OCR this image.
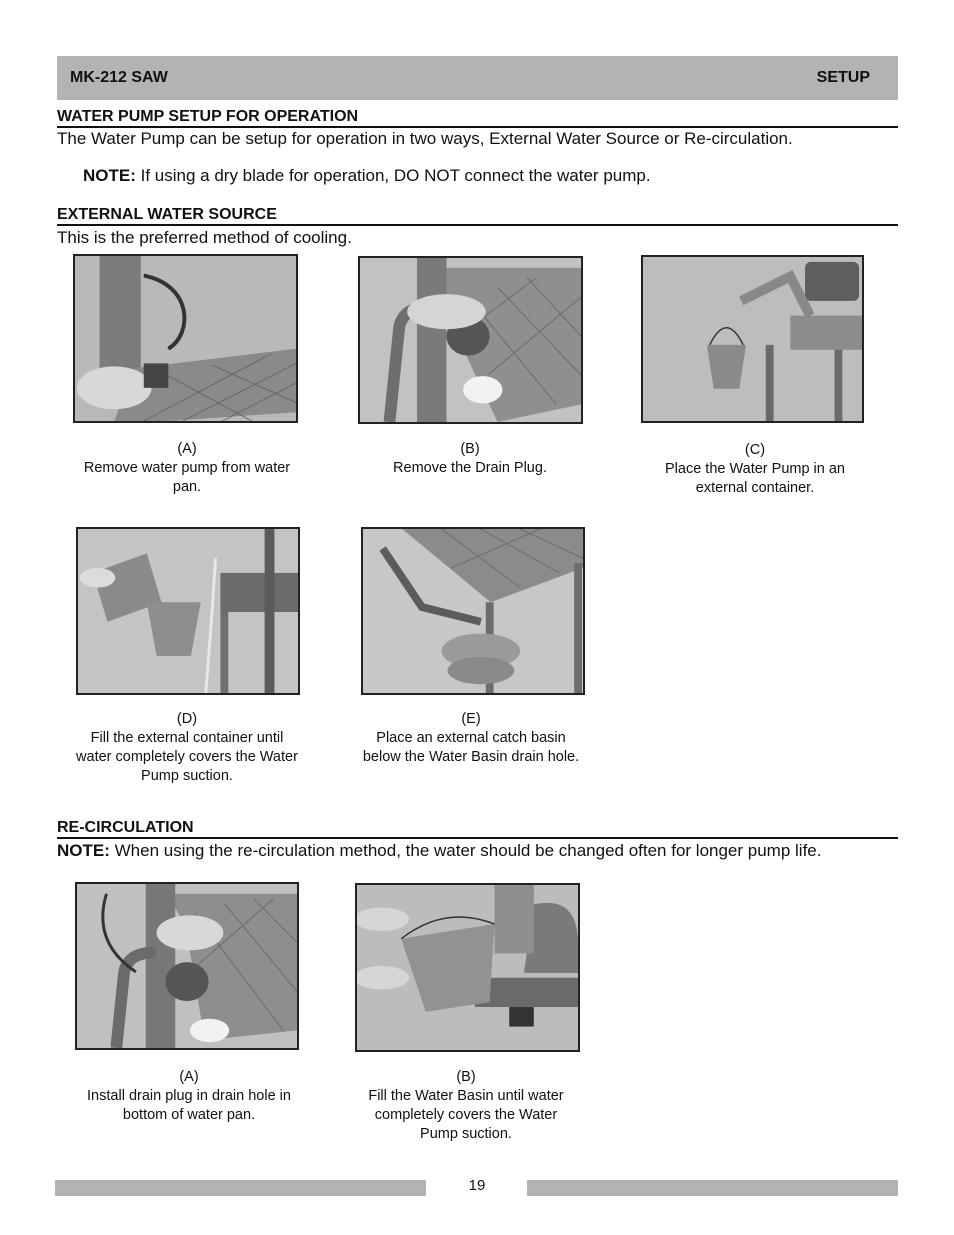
MK-212 SAW	SETUP
WATER PUMP SETUP FOR OPERATION
The Water Pump can be setup for operation in two ways, External Water Source or Re-circulation.
NOTE: If using a dry blade for operation, DO NOT connect the water pump.
EXTERNAL WATER SOURCE
This is the preferred method of cooling.
(A)
Remove water pump from water
pan.
(B)
Remove the Drain Plug.
(C)
Place the Water Pump in an
external container.
(D)
Fill the external container until
water completely covers the Water
Pump suction.
(E)
Place an external catch basin
below the Water Basin drain hole.
RE-CIRCULATION
NOTE: When using the re-circulation method, the water should be changed often for longer pump life.
(A)
Install drain plug in drain hole in
bottom of water pan.
(B)
Fill the Water Basin until water
completely covers the Water
Pump suction.
19
